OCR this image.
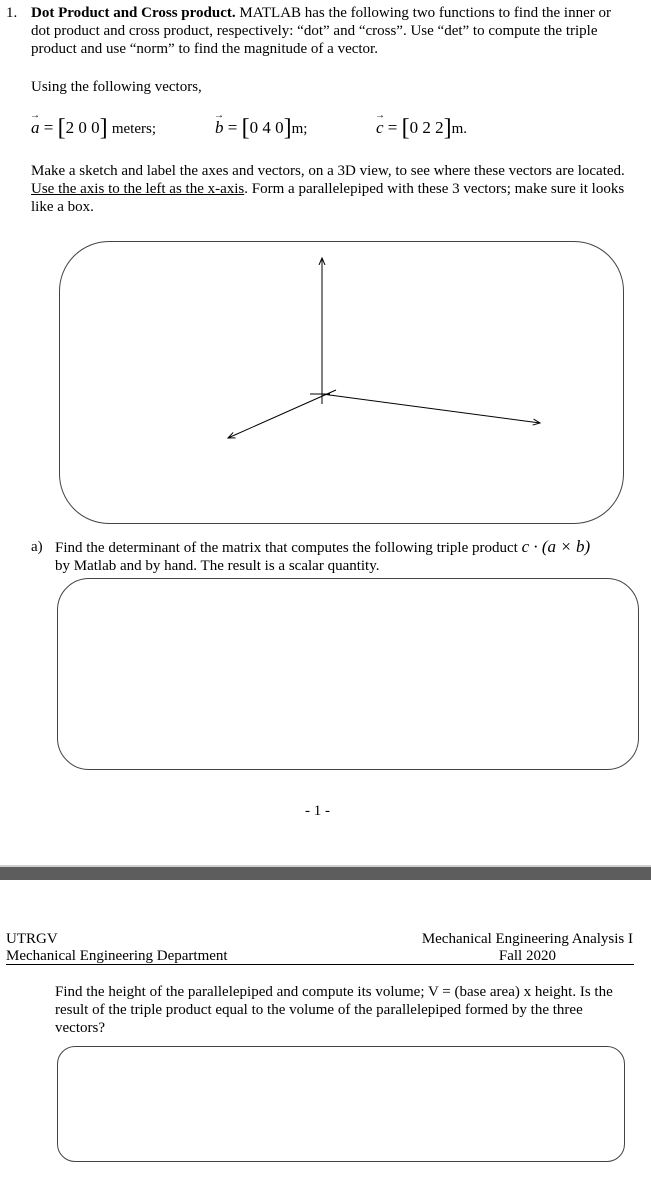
1. Dot Product and Cross product. MATLAB has the following two functions to find the inner or dot product and cross product, respectively: “dot” and “cross”. Use “det” to compute the triple product and use “norm” to find the magnitude of a vector.
Using the following vectors,
→ a = [2 0 0] meters;	→ b = [0 4 0]m;	→ c = [0 2 2]m.
Make a sketch and label the axes and vectors, on a 3D view, to see where these vectors are located. Use the axis to the left as the x-axis. Form a parallelepiped with these 3 vectors; make sure it looks like a box.
a) Find the determinant of the matrix that computes the following triple product c · (a × b)
by Matlab and by hand. The result is a scalar quantity.
- 1 -
UTRGV
Mechanical Engineering Department
Mechanical Engineering Analysis I
Fall 2020
Find the height of the parallelepiped and compute its volume; V = (base area) x height. Is the result of the triple product equal to the volume of the parallelepiped formed by the three vectors?
